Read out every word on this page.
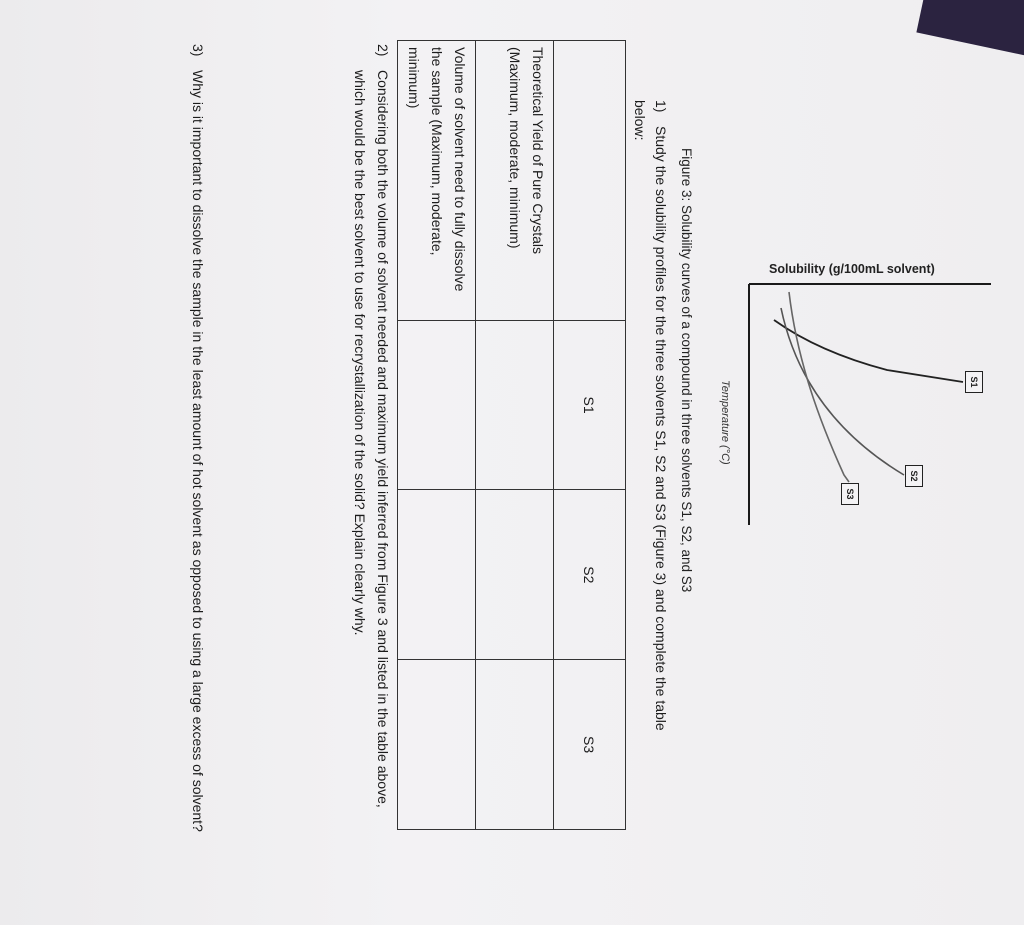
Solubility (g/100mL solvent)
S1
S2
S3
Temperature (°C)
Figure 3: Solubility curves of a compound in three solvents S1, S2, and S3
1)Study the solubility profiles for the three solvents S1, S2 and S3 (Figure 3) and complete the table below:
	S1	S2	S3
Theoretical Yield of Pure Crystals (Maximum, moderate, minimum)			
Volume of solvent need to fully dissolve the sample (Maximum, moderate, minimum)			
2)Considering both the volume of solvent needed and maximum yield inferred from Figure 3 and listed in the table above, which would be the best solvent to use for recrystallization of the solid? Explain clearly why.
3)Why is it important to dissolve the sample in the least amount of hot solvent as opposed to using a large excess of solvent?
